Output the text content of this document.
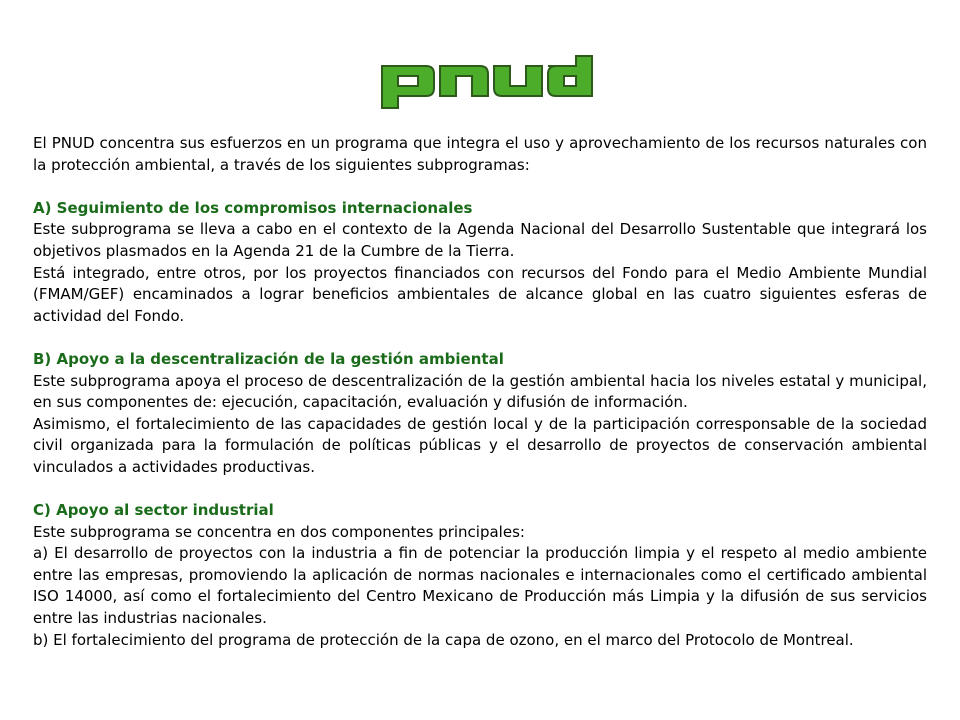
El PNUD concentra sus esfuerzos en un programa que integra el uso y aprovechamiento de los recursos naturales con la protección ambiental, a través de los siguientes subprogramas:

A) Seguimiento de los compromisos internacionales

Este subprograma se lleva a cabo en el contexto de la Agenda Nacional del Desarrollo Sustentable que integrará los objetivos plasmados en la Agenda 21 de la Cumbre de la Tierra.

Está integrado, entre otros, por los proyectos financiados con recursos del Fondo para el Medio Ambiente Mundial (FMAM/GEF) encaminados a lograr beneficios ambientales de alcance global en las cuatro siguientes esferas de actividad del Fondo.

B) Apoyo a la descentralización de la gestión ambiental

Este subprograma apoya el proceso de descentralización de la gestión ambiental hacia los niveles estatal y municipal, en sus componentes de: ejecución, capacitación, evaluación y difusión de información.

Asimismo, el fortalecimiento de las capacidades de gestión local y de la participación corresponsable de la sociedad civil organizada para la formulación de políticas públicas y el desarrollo de proyectos de conservación ambiental vinculados a actividades productivas.

C) Apoyo al sector industrial

Este subprograma se concentra en dos componentes principales:

a) El desarrollo de proyectos con la industria a fin de potenciar la producción limpia y el respeto al medio ambiente entre las empresas, promoviendo la aplicación de normas nacionales e internacionales como el certificado ambiental ISO 14000, así como el fortalecimiento del Centro Mexicano de Producción más Limpia y la difusión de sus servicios entre las industrias nacionales.

b) El fortalecimiento del programa de protección de la capa de ozono, en el marco del Protocolo de Montreal.
